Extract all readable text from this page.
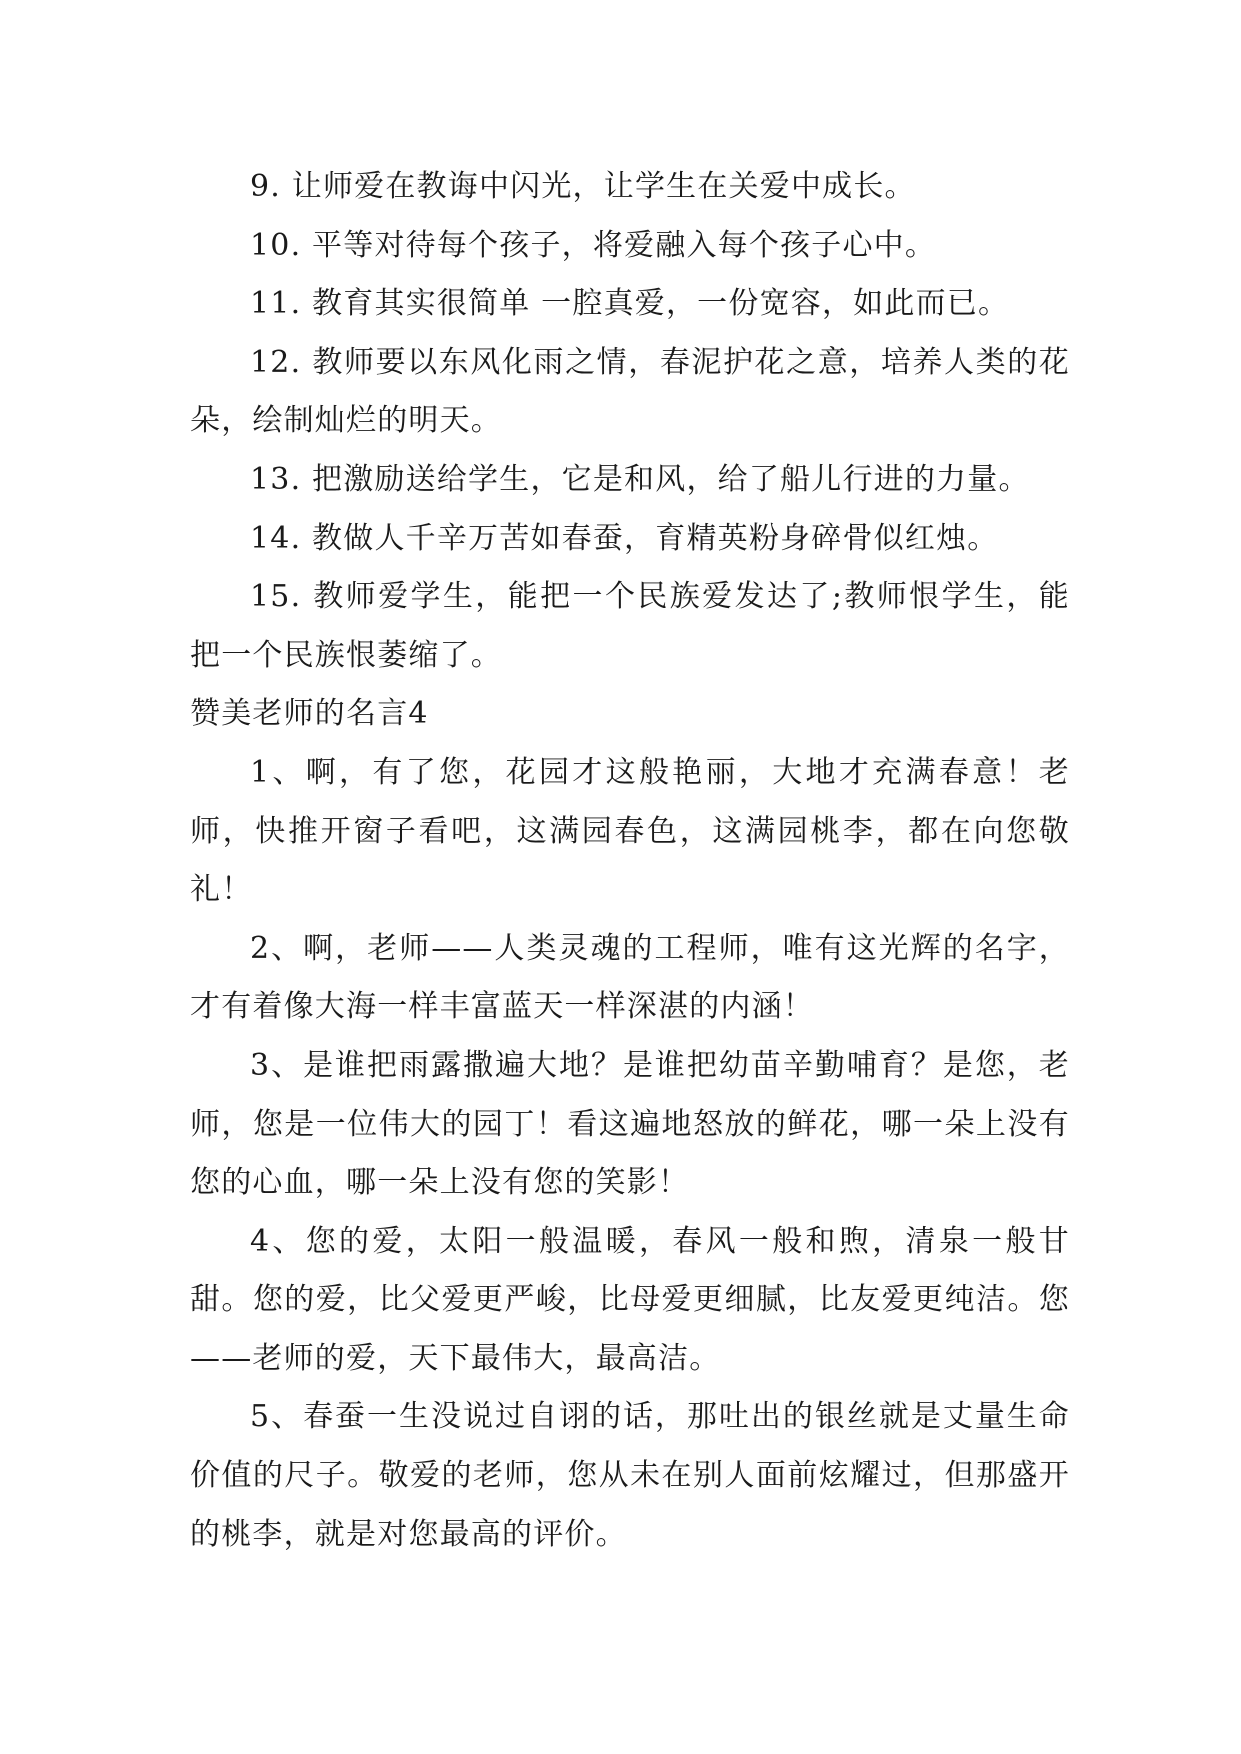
9. 让师爱在教诲中闪光，让学生在关爱中成长。

10. 平等对待每个孩子，将爱融入每个孩子心中。

11. 教育其实很简单 一腔真爱，一份宽容，如此而已。

12. 教师要以东风化雨之情，春泥护花之意，培养人类的花朵，绘制灿烂的明天。

13. 把激励送给学生，它是和风，给了船儿行进的力量。

14. 教做人千辛万苦如春蚕，育精英粉身碎骨似红烛。

15. 教师爱学生，能把一个民族爱发达了;教师恨学生，能把一个民族恨萎缩了。

赞美老师的名言4

1、啊，有了您，花园才这般艳丽，大地才充满春意！老师，快推开窗子看吧，这满园春色，这满园桃李，都在向您敬礼！

2、啊，老师——人类灵魂的工程师，唯有这光辉的名字，才有着像大海一样丰富蓝天一样深湛的内涵！

3、是谁把雨露撒遍大地？是谁把幼苗辛勤哺育？是您，老师，您是一位伟大的园丁！看这遍地怒放的鲜花，哪一朵上没有您的心血，哪一朵上没有您的笑影！

4、您的爱，太阳一般温暖，春风一般和煦，清泉一般甘甜。您的爱，比父爱更严峻，比母爱更细腻，比友爱更纯洁。您——老师的爱，天下最伟大，最高洁。

5、春蚕一生没说过自诩的话，那吐出的银丝就是丈量生命价值的尺子。敬爱的老师，您从未在别人面前炫耀过，但那盛开的桃李，就是对您最高的评价。
